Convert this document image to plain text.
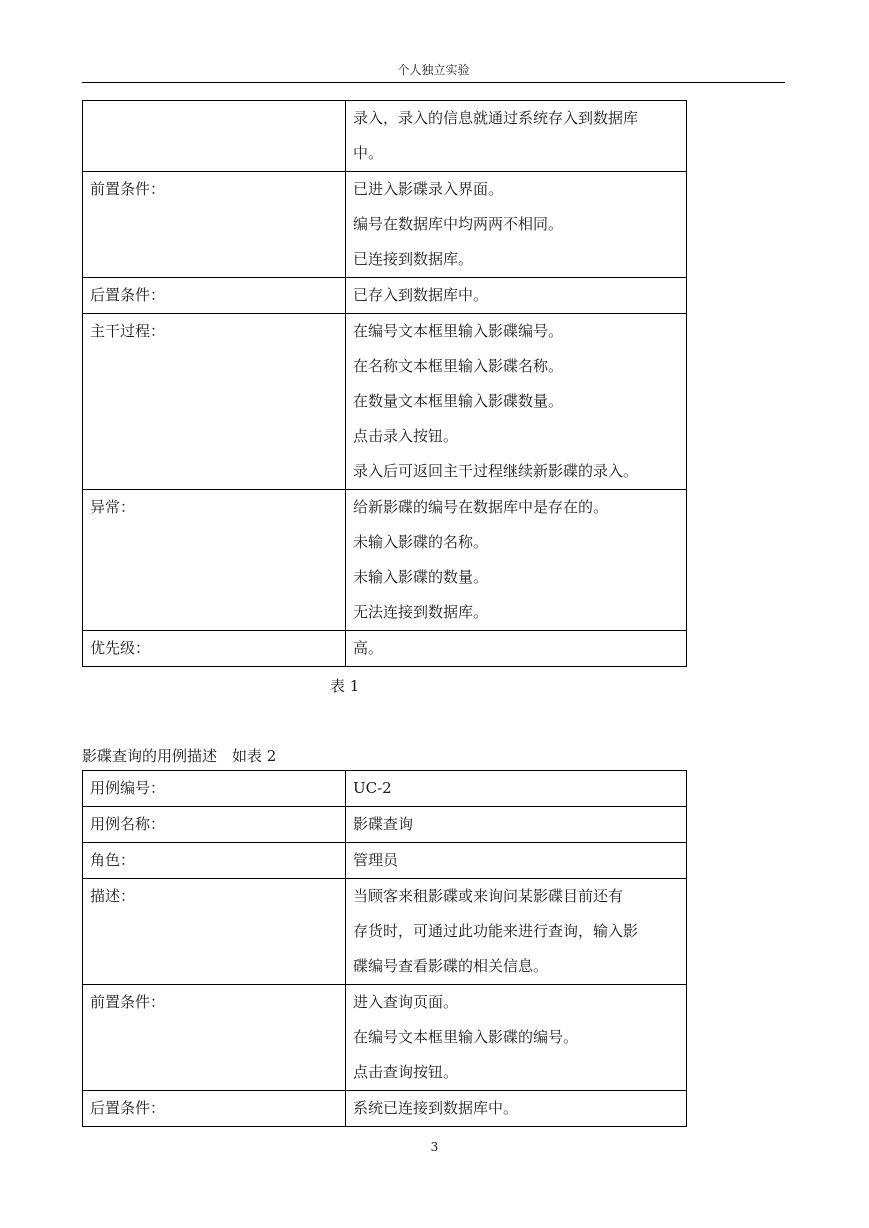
个人独立实验

	录入，录入的信息就通过系统存入到数据库
中。

前置条件：	已进入影碟录入界面。
编号在数据库中均两两不相同。
已连接到数据库。

后置条件：	已存入到数据库中。

主干过程：	在编号文本框里输入影碟编号。
在名称文本框里输入影碟名称。
在数量文本框里输入影碟数量。
点击录入按钮。
录入后可返回主干过程继续新影碟的录入。

异常：	给新影碟的编号在数据库中是存在的。
未输入影碟的名称。
未输入影碟的数量。
无法连接到数据库。

优先级：	高。
表 1
影碟查询的用例描述　如表 2
用例编号：	UC-2

用例名称：	影碟查询

角色：	管理员

描述：	当顾客来租影碟或来询问某影碟目前还有
存货时，可通过此功能来进行查询，输入影
碟编号查看影碟的相关信息。

前置条件：	进入查询页面。
在编号文本框里输入影碟的编号。
点击查询按钮。

后置条件：	系统已连接到数据库中。
3
